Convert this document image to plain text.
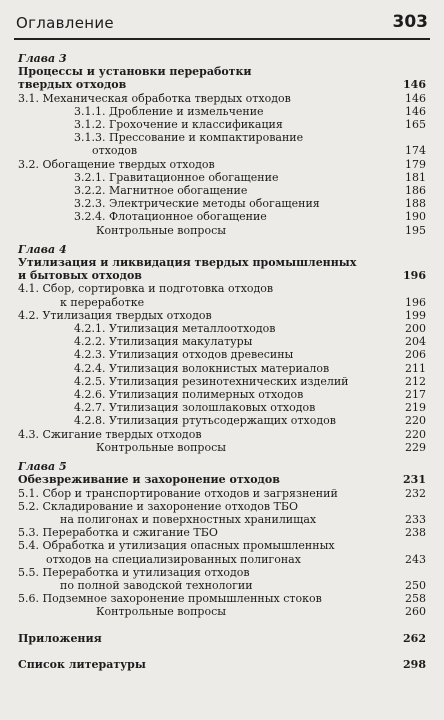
Оглавление	303
Глава 3
Процессы и установки переработки
твердых отходов	146
3.1. Механическая обработка твердых отходов	146
3.1.1. Дробление и измельчение	146
3.1.2. Грохочение и классификация	165
3.1.3. Прессование и компактирование
отходов	174
3.2. Обогащение твердых отходов	179
3.2.1. Гравитационное обогащение	181
3.2.2. Магнитное обогащение	186
3.2.3. Электрические методы обогащения	188
3.2.4. Флотационное обогащение	190
Контрольные вопросы	195
Глава 4
Утилизация и ликвидация твердых промышленных
и бытовых отходов	196
4.1. Сбор, сортировка и подготовка отходов
к переработке	196
4.2. Утилизация твердых отходов	199
4.2.1. Утилизация металлоотходов	200
4.2.2. Утилизация макулатуры	204
4.2.3. Утилизация отходов древесины	206
4.2.4. Утилизация волокнистых материалов	211
4.2.5. Утилизация резинотехнических изделий	212
4.2.6. Утилизация полимерных отходов	217
4.2.7. Утилизация золошлаковых отходов	219
4.2.8. Утилизация ртутьсодержащих отходов	220
4.3. Сжигание твердых отходов	220
Контрольные вопросы	229
Глава 5
Обезвреживание и захоронение отходов	231
5.1. Сбор и транспортирование отходов и загрязнений	232
5.2. Складирование и захоронение отходов ТБО
на полигонах и поверхностных хранилищах	233
5.3. Переработка и сжигание ТБО	238
5.4. Обработка и утилизация опасных промышленных
отходов на специализированных полигонах	243
5.5. Переработка и утилизация отходов
по полной заводской технологии	250
5.6. Подземное захоронение промышленных стоков	258
Контрольные вопросы	260
Приложения	262
Список литературы	298
